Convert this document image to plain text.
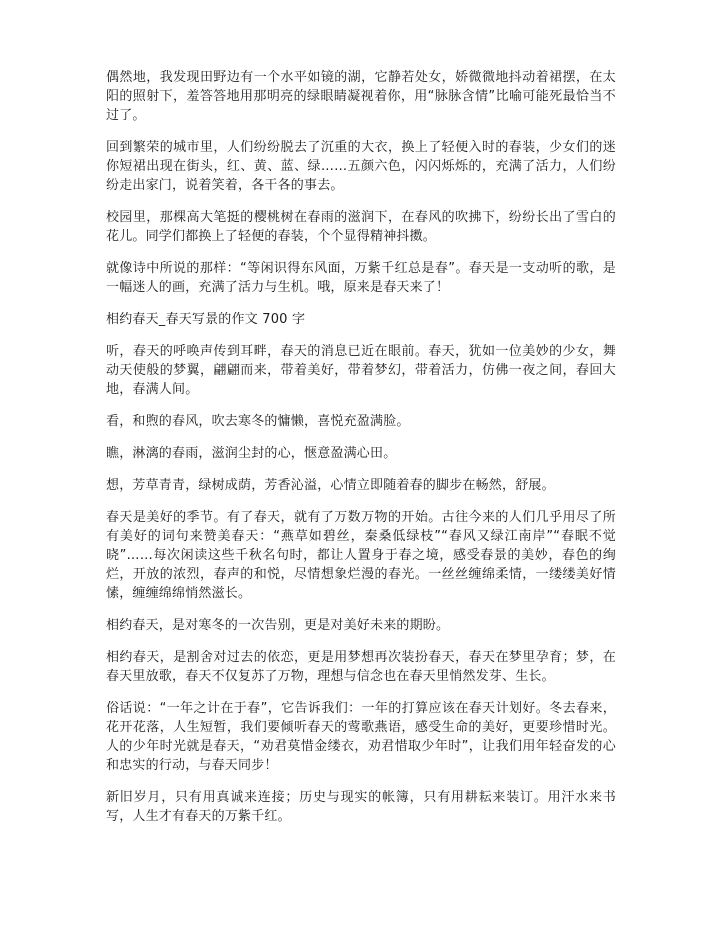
偶然地，我发现田野边有一个水平如镜的湖，它静若处女，娇微微地抖动着裙摆，在太阳的照射下，羞答答地用那明亮的绿眼睛凝视着你，用“脉脉含情”比喻可能死最恰当不过了。

回到繁荣的城市里，人们纷纷脱去了沉重的大衣，换上了轻便入时的春装，少女们的迷你短裙出现在街头，红、黄、蓝、绿……五颜六色，闪闪烁烁的，充满了活力，人们纷纷走出家门，说着笑着，各干各的事去。

校园里，那棵高大笔挺的樱桃树在春雨的滋润下，在春风的吹拂下，纷纷长出了雪白的花儿。同学们都换上了轻便的春装，个个显得精神抖擞。

就像诗中所说的那样：“等闲识得东风面，万紫千红总是春”。春天是一支动听的歌，是一幅迷人的画，充满了活力与生机。哦，原来是春天来了！

相约春天_春天写景的作文 700 字

听，春天的呼唤声传到耳畔，春天的消息已近在眼前。春天，犹如一位美妙的少女，舞动天使般的梦翼，翩翩而来，带着美好，带着梦幻，带着活力，仿佛一夜之间，春回大地，春满人间。

看，和煦的春风，吹去寒冬的慵懒，喜悦充盈满脸。

瞧，淋漓的春雨，滋润尘封的心，惬意盈满心田。

想，芳草青青，绿树成荫，芳香沁溢，心情立即随着春的脚步在畅然，舒展。

春天是美好的季节。有了春天，就有了万数万物的开始。古往今来的人们几乎用尽了所有美好的词句来赞美春天：“燕草如碧丝，秦桑低绿枝”“春风又绿江南岸”“春眠不觉晓”……每次闲读这些千秋名句时，都让人置身于春之境，感受春景的美妙，春色的绚烂，开放的浓烈，春声的和悦，尽情想象烂漫的春光。一丝丝缠绵柔情，一缕缕美好情愫，缠缠绵绵悄然滋长。

相约春天，是对寒冬的一次告别，更是对美好未来的期盼。

相约春天，是割舍对过去的依恋，更是用梦想再次装扮春天，春天在梦里孕育；梦，在春天里放歌，春天不仅复苏了万物，理想与信念也在春天里悄然发芽、生长。

俗话说：“一年之计在于春”，它告诉我们：一年的打算应该在春天计划好。冬去春来，花开花落，人生短暂，我们要倾听春天的莺歌燕语，感受生命的美好，更要珍惜时光。人的少年时光就是春天，“劝君莫惜金缕衣，劝君惜取少年时”，让我们用年轻奋发的心和忠实的行动，与春天同步！

新旧岁月，只有用真诚来连接；历史与现实的帐簿，只有用耕耘来装订。用汗水来书写，人生才有春天的万紫千红。
